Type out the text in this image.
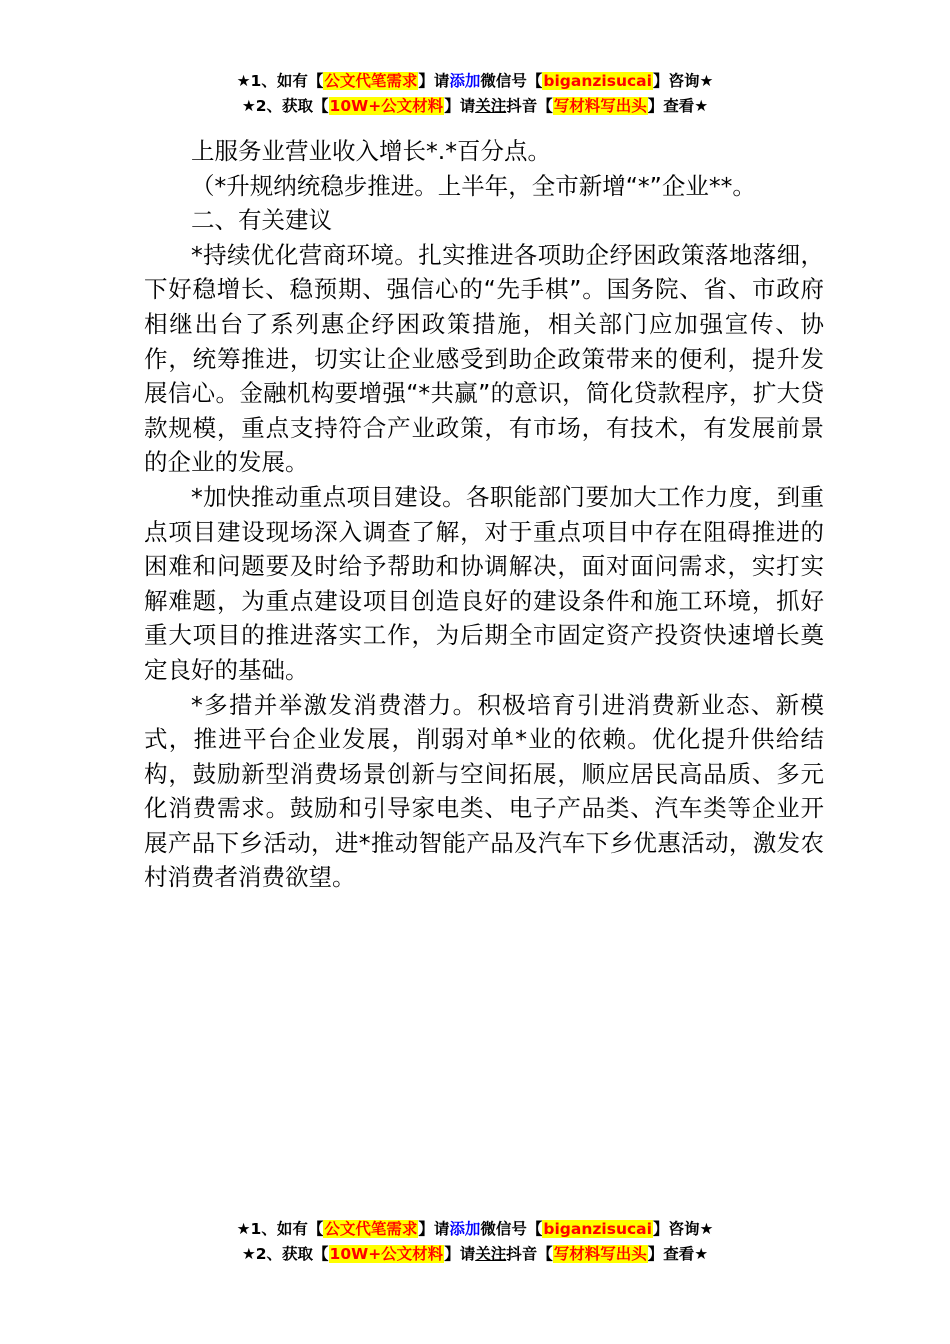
★1、如有【公文代笔需求】请添加微信号【biganzisucai】咨询★
★2、获取【10W+公文材料】请关注抖音【写材料写出头】查看★

上服务业营业收入增长*.*百分点。

（*升规纳统稳步推进。上半年，全市新增“*”企业**。

二、有关建议

*持续优化营商环境。扎实推进各项助企纾困政策落地落细，下好稳增长、稳预期、强信心的“先手棋”。国务院、省、市政府相继出台了系列惠企纾困政策措施，相关部门应加强宣传、协作，统筹推进，切实让企业感受到助企政策带来的便利，提升发展信心。金融机构要增强“*共赢”的意识，简化贷款程序，扩大贷款规模，重点支持符合产业政策，有市场，有技术，有发展前景的企业的发展。

*加快推动重点项目建设。各职能部门要加大工作力度，到重点项目建设现场深入调查了解，对于重点项目中存在阻碍推进的困难和问题要及时给予帮助和协调解决，面对面问需求，实打实解难题，为重点建设项目创造良好的建设条件和施工环境，抓好重大项目的推进落实工作，为后期全市固定资产投资快速增长奠定良好的基础。

*多措并举激发消费潜力。积极培育引进消费新业态、新模式，推进平台企业发展，削弱对单*业的依赖。优化提升供给结构，鼓励新型消费场景创新与空间拓展，顺应居民高品质、多元化消费需求。鼓励和引导家电类、电子产品类、汽车类等企业开展产品下乡活动，进*推动智能产品及汽车下乡优惠活动，激发农村消费者消费欲望。

★1、如有【公文代笔需求】请添加微信号【biganzisucai】咨询★
★2、获取【10W+公文材料】请关注抖音【写材料写出头】查看★
